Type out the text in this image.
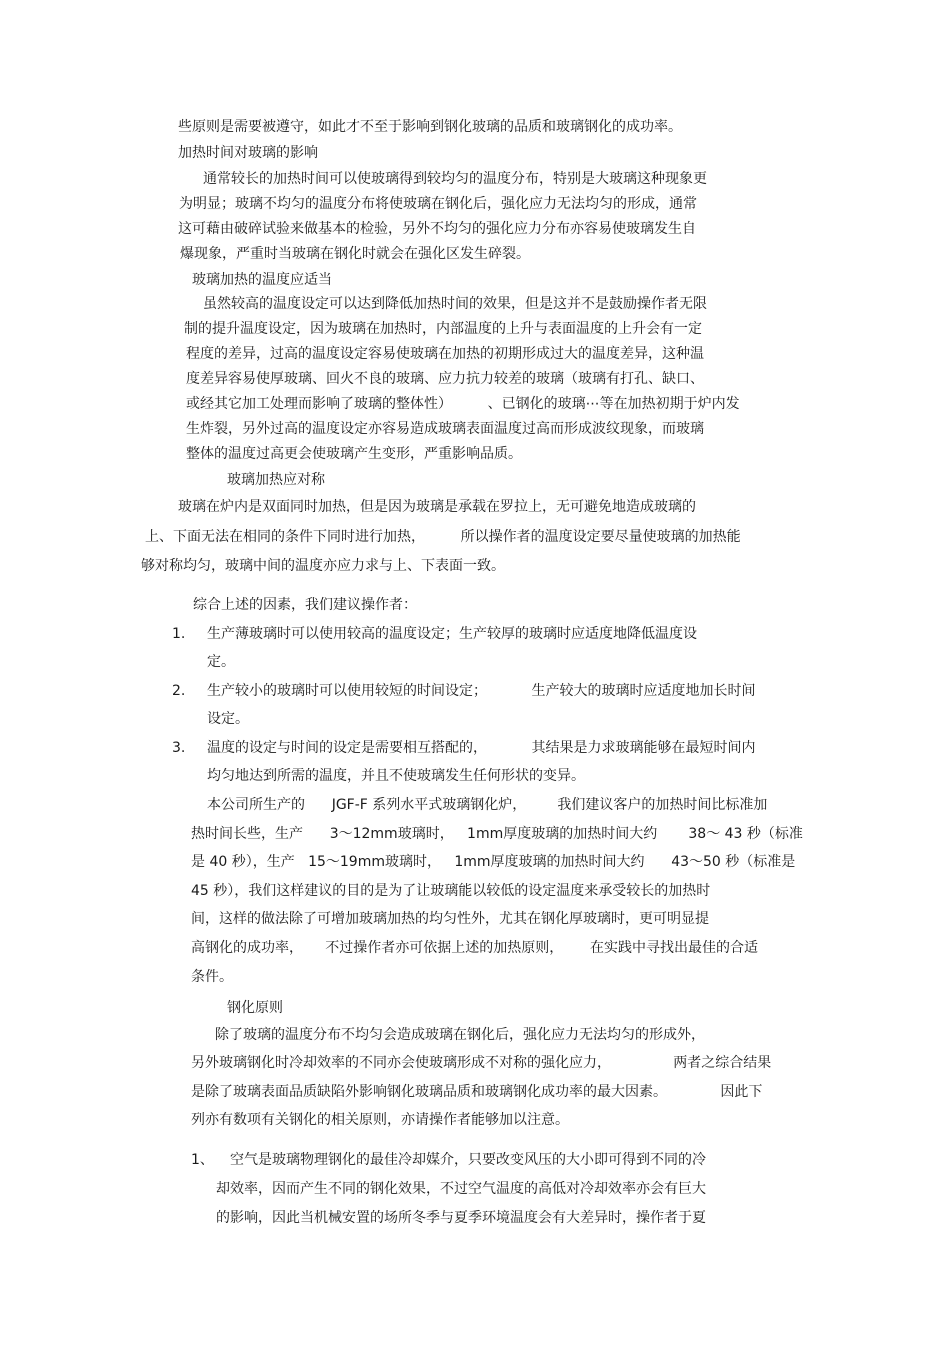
些原则是需要被遵守，如此才不至于影响到钢化玻璃的品质和玻璃钢化的成功率。
加热时间对玻璃的影响
通常较长的加热时间可以使玻璃得到较均匀的温度分布，特别是大玻璃这种现象更
为明显；玻璃不均匀的温度分布将使玻璃在钢化后，强化应力无法均匀的形成，通常
这可藉由破碎试验来做基本的检验，另外不均匀的强化应力分布亦容易使玻璃发生自
爆现象，严重时当玻璃在钢化时就会在强化区发生碎裂。
玻璃加热的温度应适当
虽然较高的温度设定可以达到降低加热时间的效果，但是这并不是鼓励操作者无限
制的提升温度设定，因为玻璃在加热时，内部温度的上升与表面温度的上升会有一定
程度的差异，过高的温度设定容易使玻璃在加热的初期形成过大的温度差异，这种温
度差异容易使厚玻璃、回火不良的玻璃、应力抗力较差的玻璃（玻璃有打孔、缺口、
或经其它加工处理而影响了玻璃的整体性）        、已钢化的玻璃⋯等在加热初期于炉内发
生炸裂，另外过高的温度设定亦容易造成玻璃表面温度过高而形成波纹现象，而玻璃
整体的温度过高更会使玻璃产生变形，严重影响品质。
玻璃加热应对称
玻璃在炉内是双面同时加热，但是因为玻璃是承载在罗拉上，无可避免地造成玻璃的
上、下面无法在相同的条件下同时进行加热，        所以操作者的温度设定要尽量使玻璃的加热能
够对称均匀，玻璃中间的温度亦应力求与上、下表面一致。
综合上述的因素，我们建议操作者：
1. 生产薄玻璃时可以使用较高的温度设定；生产较厚的玻璃时应适度地降低温度设
定。
2. 生产较小的玻璃时可以使用较短的时间设定；          生产较大的玻璃时应适度地加长时间
设定。
3. 温度的设定与时间的设定是需要相互搭配的，          其结果是力求玻璃能够在最短时间内
均匀地达到所需的温度，并且不使玻璃发生任何形状的变异。
本公司所生产的      JGF-F 系列水平式玻璃钢化炉，       我们建议客户的加热时间比标准加
热时间长些，生产      3～12mm玻璃时，   1mm厚度玻璃的加热时间大约       38～ 43 秒（标准
是 40 秒），生产   15～19mm玻璃时，   1mm厚度玻璃的加热时间大约      43～50 秒（标准是
45 秒），我们这样建议的目的是为了让玻璃能以较低的设定温度来承受较长的加热时
间，这样的做法除了可增加玻璃加热的均匀性外，尤其在钢化厚玻璃时，更可明显提
高钢化的成功率，     不过操作者亦可依据上述的加热原则，      在实践中寻找出最佳的合适
条件。
钢化原则
除了玻璃的温度分布不均匀会造成玻璃在钢化后，强化应力无法均匀的形成外，
另外玻璃钢化时冷却效率的不同亦会使玻璃形成不对称的强化应力，              两者之综合结果
是除了玻璃表面品质缺陷外影响钢化玻璃品质和玻璃钢化成功率的最大因素。            因此下
列亦有数项有关钢化的相关原则，亦请操作者能够加以注意。
1、 空气是玻璃物理钢化的最佳冷却媒介，只要改变风压的大小即可得到不同的冷
却效率，因而产生不同的钢化效果，不过空气温度的高低对冷却效率亦会有巨大
的影响，因此当机械安置的场所冬季与夏季环境温度会有大差异时，操作者于夏
